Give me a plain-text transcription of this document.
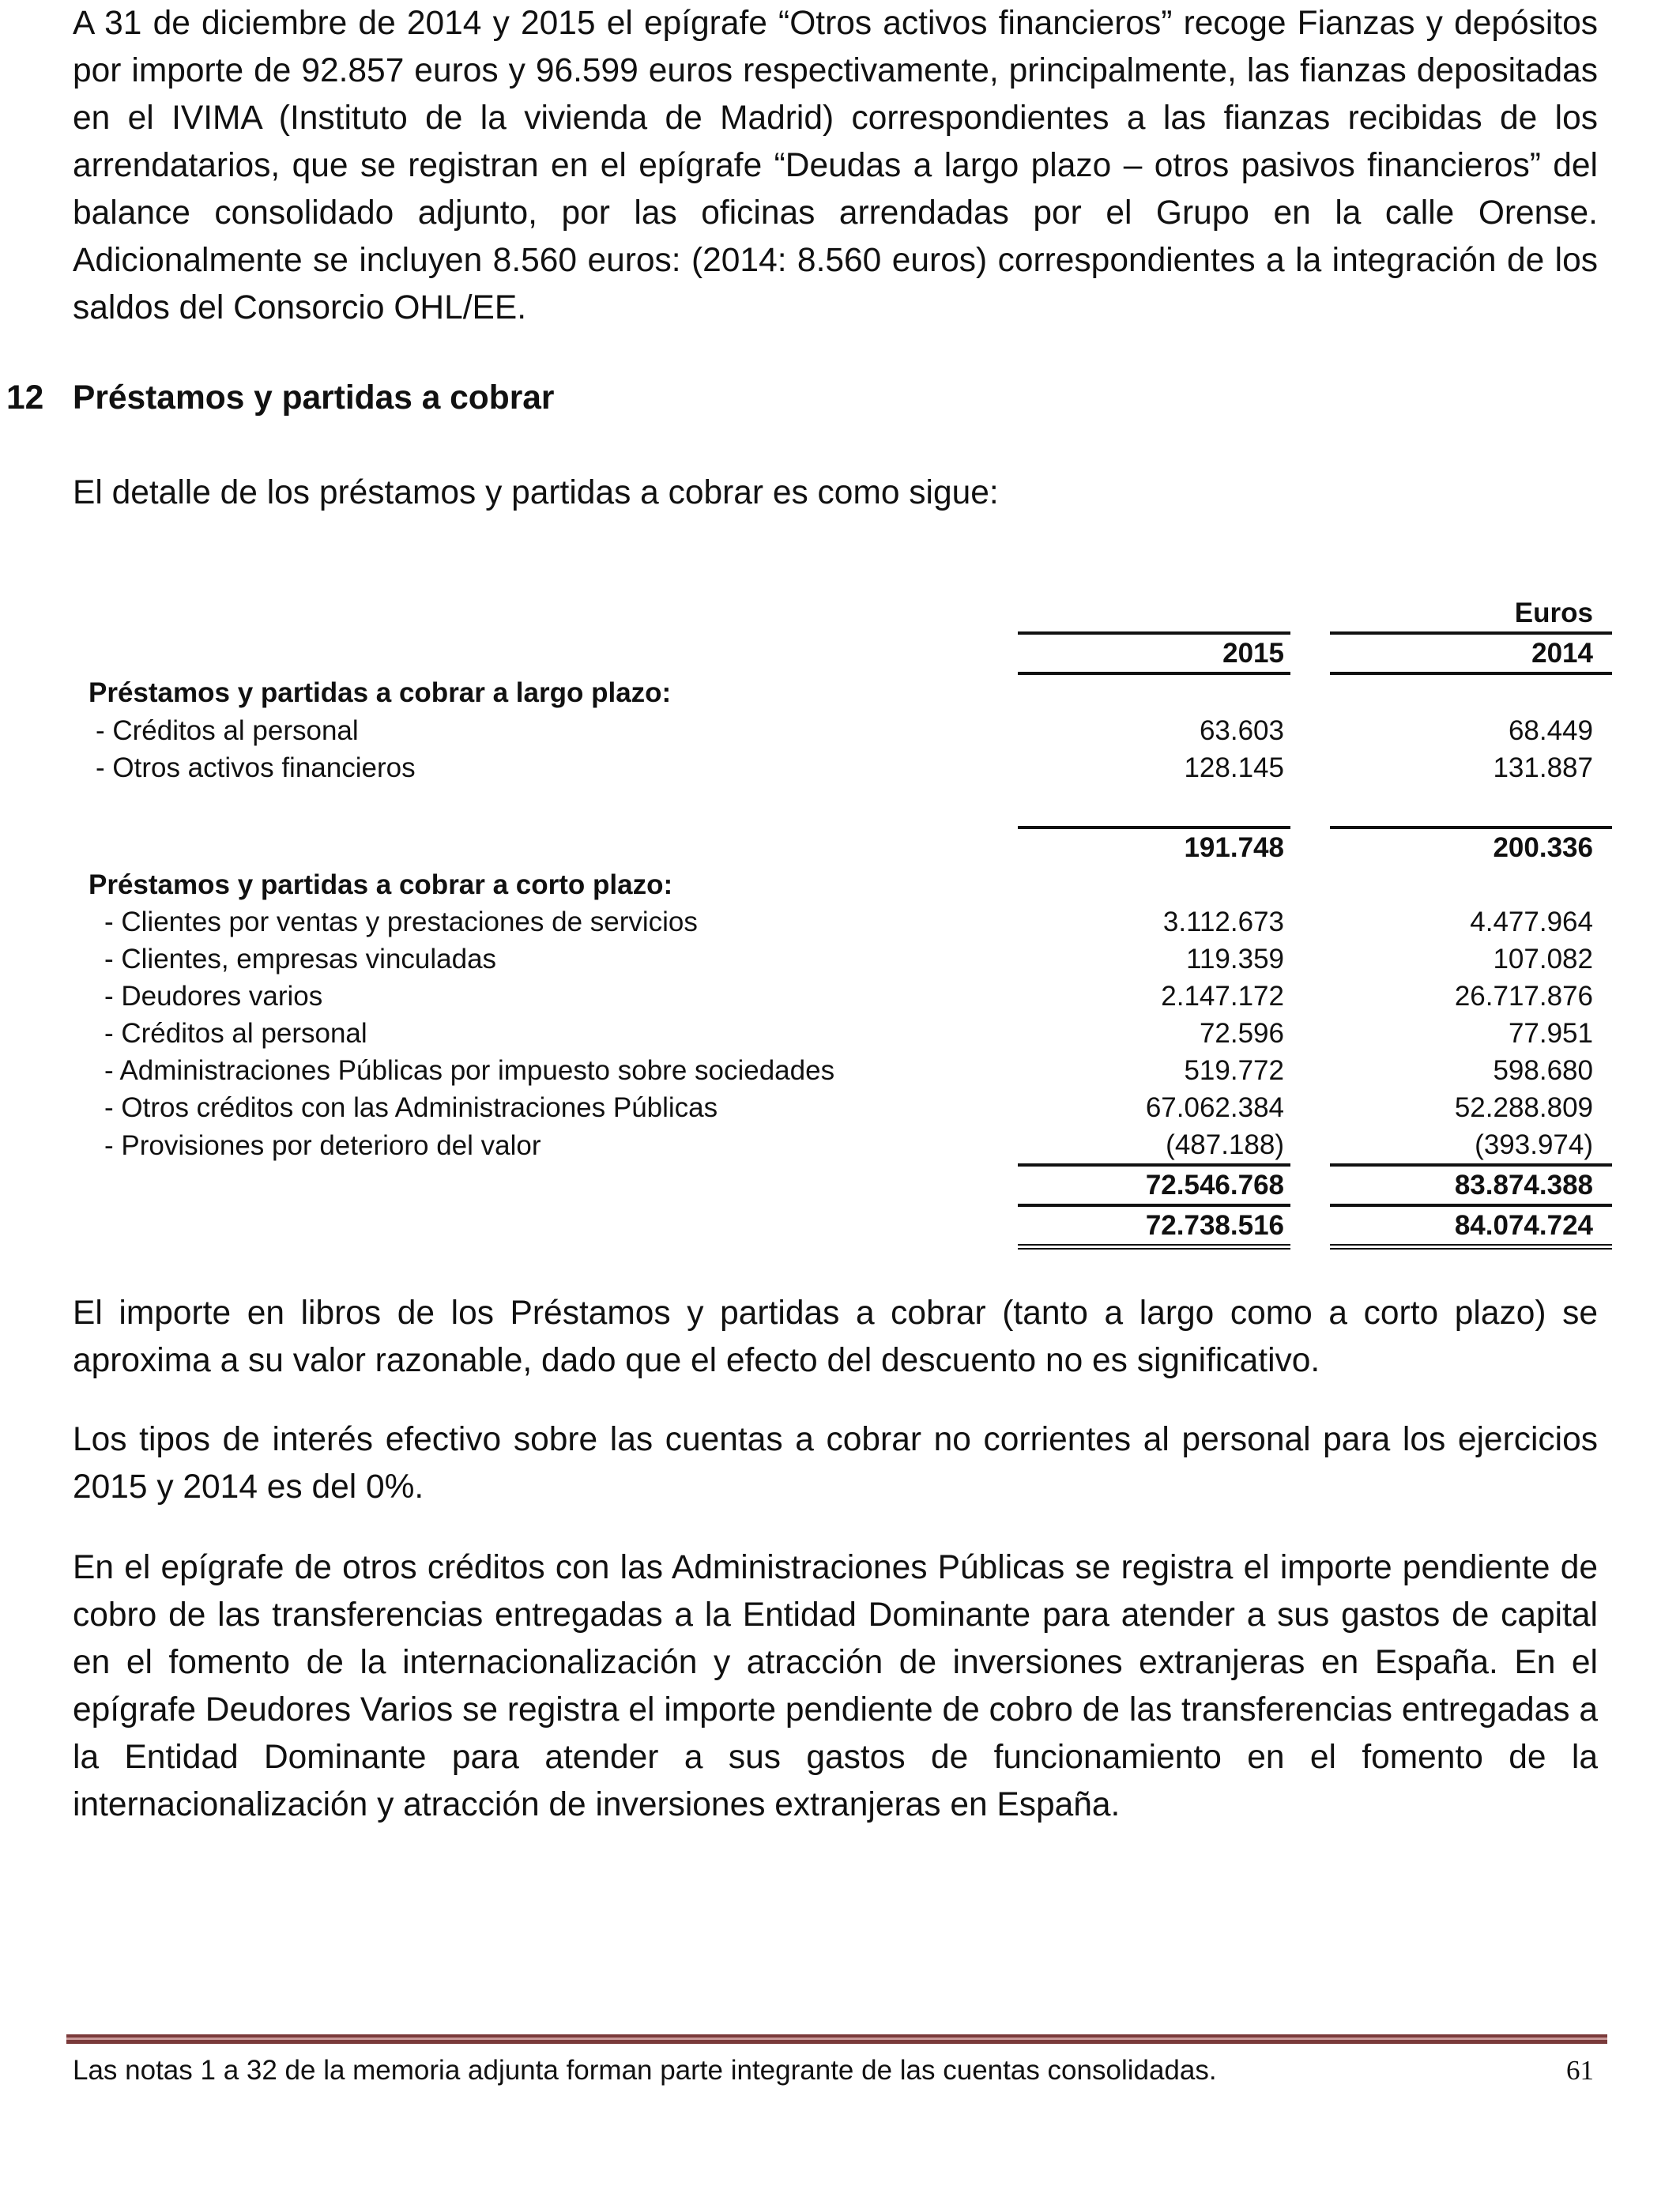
A 31 de diciembre de 2014 y 2015 el epígrafe “Otros activos financieros” recoge Fianzas y depósitos por importe de 92.857 euros y 96.599 euros respectivamente, principalmente, las fianzas depositadas en el IVIMA (Instituto de la vivienda de Madrid) correspondientes a las fianzas recibidas de los arrendatarios, que se registran en el epígrafe “Deudas a largo plazo – otros pasivos financieros” del balance consolidado adjunto, por las oficinas arrendadas por el Grupo en la calle Orense. Adicionalmente se incluyen 8.560 euros: (2014: 8.560 euros) correspondientes a la integración de los saldos del Consorcio OHL/EE.

12 Préstamos y partidas a cobrar

El detalle de los préstamos y partidas a cobrar es como sigue:

			Euros
	2015		2014
Préstamos y partidas a cobrar a largo plazo:			
- Créditos al personal	63.603		68.449
- Otros activos financieros	128.145		131.887

	191.748		200.336
Préstamos y partidas a cobrar a corto plazo:			
- Clientes por ventas y prestaciones de servicios	3.112.673		4.477.964
- Clientes, empresas vinculadas	119.359		107.082
- Deudores varios	2.147.172		26.717.876
- Créditos al personal	72.596		77.951
- Administraciones Públicas por impuesto sobre sociedades	519.772		598.680
- Otros créditos con las Administraciones Públicas	67.062.384		52.288.809
- Provisiones por deterioro del valor	(487.188)		(393.974)
	72.546.768		83.874.388
	72.738.516		84.074.724

El importe en libros de los Préstamos y partidas a cobrar (tanto a largo como a corto plazo) se aproxima a su valor razonable, dado que el efecto del descuento no es significativo.

Los tipos de interés efectivo sobre las cuentas a cobrar no corrientes al personal para los ejercicios 2015 y 2014 es del 0%.

En el epígrafe de otros créditos con las Administraciones Públicas se registra el importe pendiente de cobro de las transferencias entregadas a la Entidad Dominante para atender a sus gastos de capital en el fomento de la internacionalización y atracción de inversiones extranjeras en España. En el epígrafe Deudores Varios se registra el importe pendiente de cobro de las transferencias entregadas a la Entidad Dominante para atender a sus gastos de funcionamiento en el fomento de la internacionalización y atracción de inversiones extranjeras en España.

Las notas 1 a 32 de la memoria adjunta forman parte integrante de las cuentas consolidadas.	61
